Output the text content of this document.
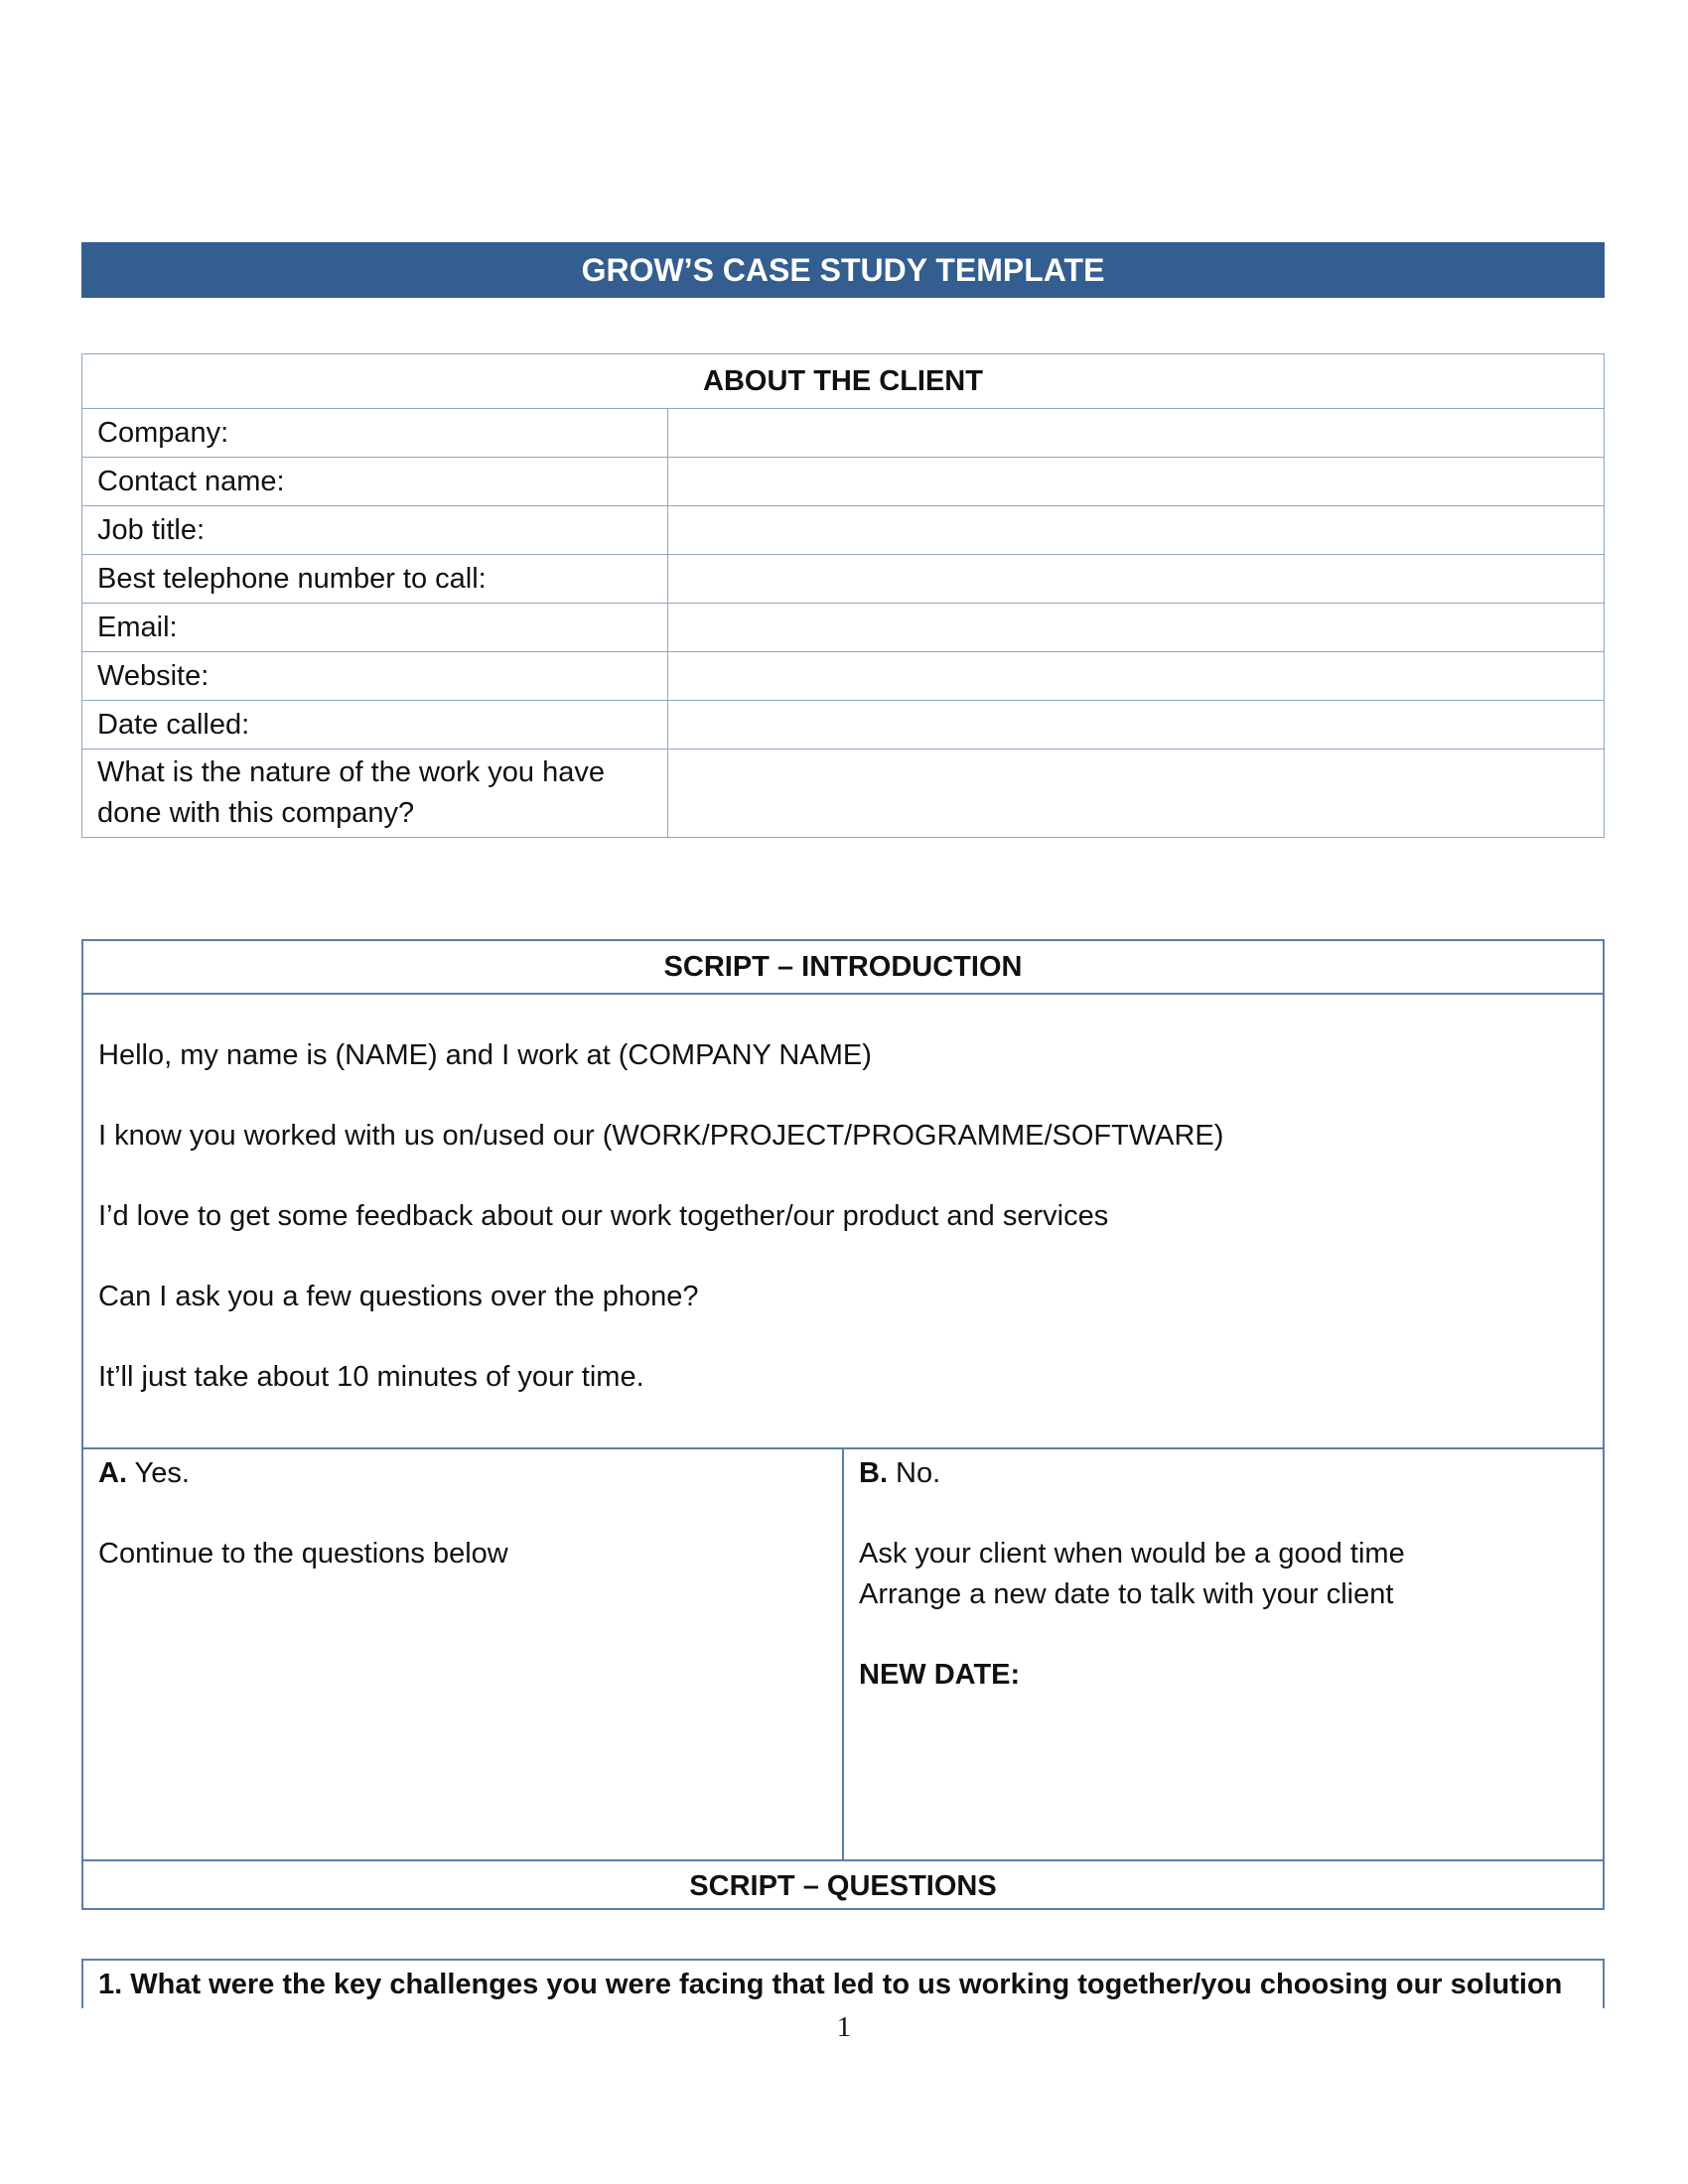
GROW’S CASE STUDY TEMPLATE
ABOUT THE CLIENT	
Company:	
Contact name:	
Job title:	
Best telephone number to call:	
Email:	
Website:	
Date called:	
What is the nature of the work you have done with this company?	
SCRIPT – INTRODUCTION

Hello, my name is (NAME) and I work at (COMPANY NAME)

I know you worked with us on/used our (WORK/PROJECT/PROGRAMME/SOFTWARE)

I’d love to get some feedback about our work together/our product and services

Can I ask you a few questions over the phone?

It’ll just take about 10 minutes of your time.

A. Yes.
Continue to the questions below
B. No.
Ask your client when would be a good time
Arrange a new date to talk with your client
NEW DATE:
SCRIPT – QUESTIONS
1. What were the key challenges you were facing that led to us working together/you choosing our solution
1
